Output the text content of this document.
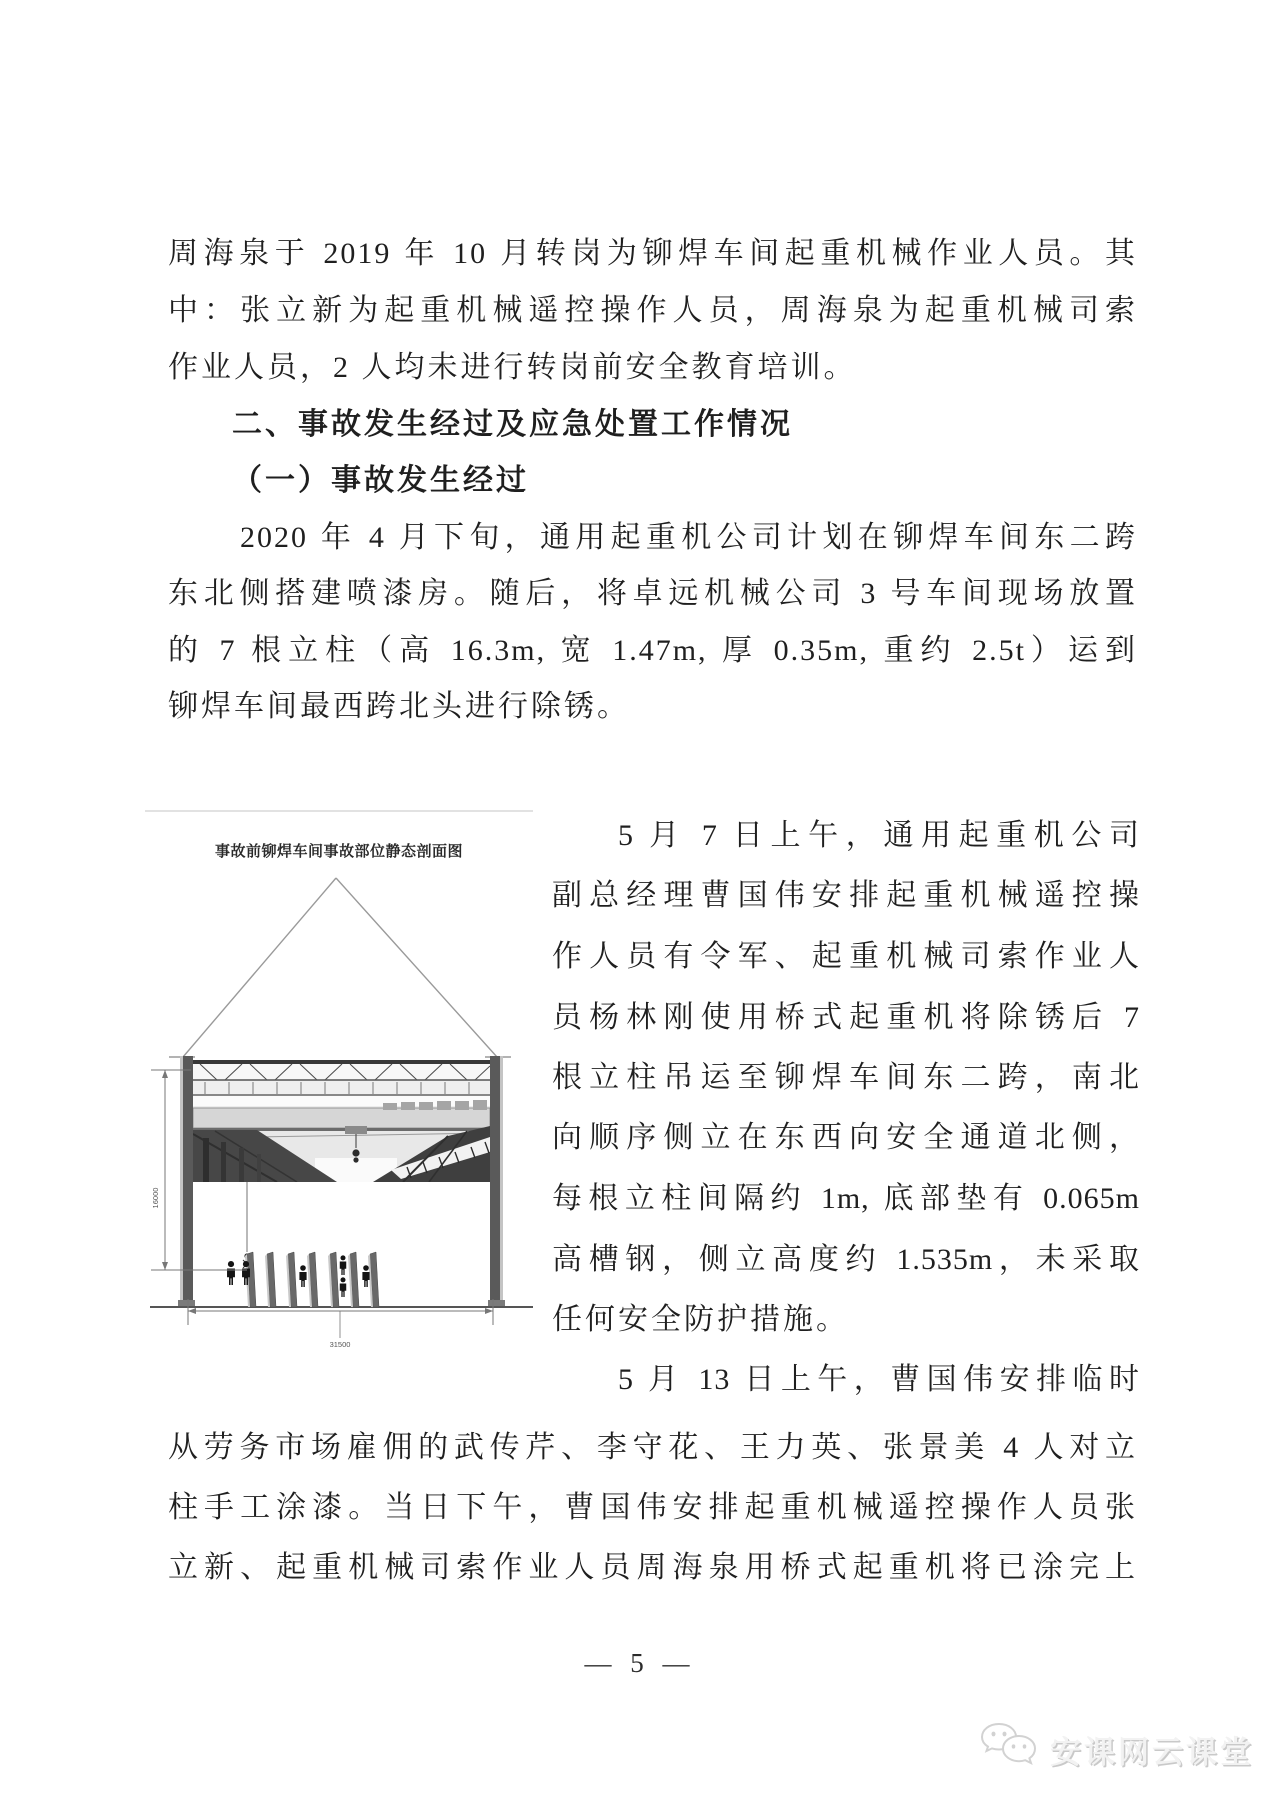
周海泉于 2019 年 10 月转岗为铆焊车间起重机械作业人员。其
中：张立新为起重机械遥控操作人员，周海泉为起重机械司索
作业人员，2 人均未进行转岗前安全教育培训。
二、事故发生经过及应急处置工作情况
（一）事故发生经过
2020 年 4 月下旬，通用起重机公司计划在铆焊车间东二跨
东北侧搭建喷漆房。随后，将卓远机械公司 3 号车间现场放置
的 7 根立柱（高 16.3m, 宽 1.47m, 厚 0.35m, 重约 2.5t）运到
铆焊车间最西跨北头进行除锈。
事故前铆焊车间事故部位静态剖面图
16000
31500
5 月 7 日上午，通用起重机公司
副总经理曹国伟安排起重机械遥控操
作人员有令军、起重机械司索作业人
员杨林刚使用桥式起重机将除锈后 7
根立柱吊运至铆焊车间东二跨，南北
向顺序侧立在东西向安全通道北侧，
每根立柱间隔约 1m, 底部垫有 0.065m
高槽钢，侧立高度约 1.535m，未采取
任何安全防护措施。
5 月 13 日上午，曹国伟安排临时
从劳务市场雇佣的武传芹、李守花、王力英、张景美 4 人对立
柱手工涂漆。当日下午，曹国伟安排起重机械遥控操作人员张
立新、起重机械司索作业人员周海泉用桥式起重机将已涂完上
— 5 —
安课网云课堂
